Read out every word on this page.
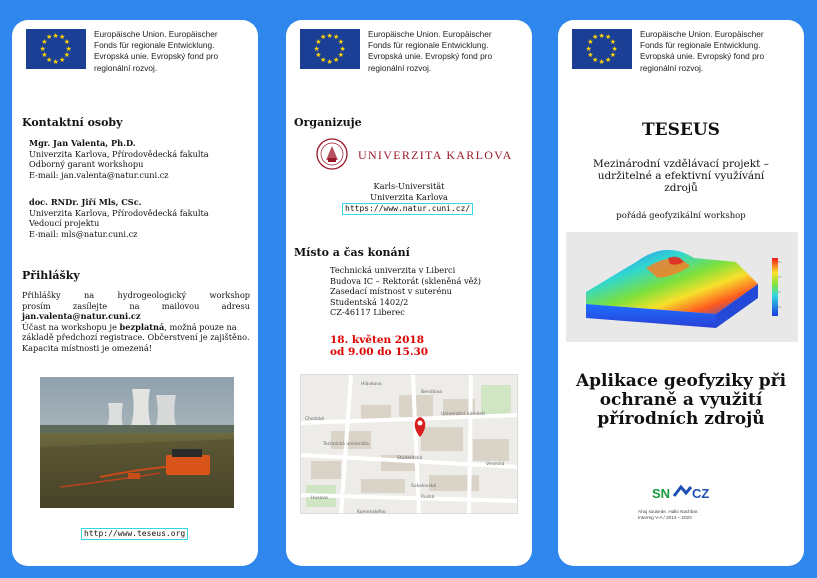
★ ★
★
★
★
★
★
★
★
★
★
★	Europäische Union. Europäischer
Fonds für regionale Entwicklung.
Evropská unie. Evropský fond pro
regionální rozvoj.
Kontaktní osoby
Mgr. Jan Valenta, Ph.D.
Univerzita Karlova, Přírodovědecká fakulta
Odborný garant workshopu
E-mail: jan.valenta@natur.cuni.cz
doc. RNDr. Jiří Mls, CSc.
Univerzita Karlova, Přírodovědecká fakulta
Vedoucí projektu
E-mail: mls@natur.cuni.cz
Přihlášky
Přihlášky na hydrogeologický workshop
prosím zasílejte na mailovou adresu
jan.valenta@natur.cuni.cz
Účast na workshopu je bezplatná, možná pouze na
základě předchozí registrace. Občerstvení je zajištěno.
Kapacita místnosti je omezená!
http://www.teseus.org
★ ★
★
★
★
★
★
★
★
★
★
★	Europäische Union. Europäischer
Fonds für regionale Entwicklung.
Evropská unie. Evropský fond pro
regionální rozvoj.
Organizuje
UNIVERZITA KARLOVA
Karls-Universität
Univerzita Karlova
https://www.natur.cuni.cz/
Místo a čas konání
Technická univerzita v Liberci
Budova IC – Rektorát (skleněná věž)
Zasedací místnost v suterénu
Studentská 1402/2
CZ-46117 Liberec
18. květen 2018
od 9.00 do 15.30
Chodské
Hlávkova
Vesecká
Ruská
Studentská
Husova
Komenského
Univerzitní náměstí
Technická univerzita
Sokolovská
Bendlova
★ ★
★
★
★
★
★
★
★
★
★
★	Europäische Union. Europäischer
Fonds für regionale Entwicklung.
Evropská unie. Evropský fond pro
regionální rozvoj.
TESEUS
Mezinárodní vzdělávací projekt –
udržitelné a efektivní využívání
zdrojů
pořádá geofyzikální workshop
Aplikace geofyziky při
ochraně a využití
přírodních zdrojů
SN CZ
Ahoj sousede. Hallo Nachbar.
Interreg V-A / 2014 – 2020
